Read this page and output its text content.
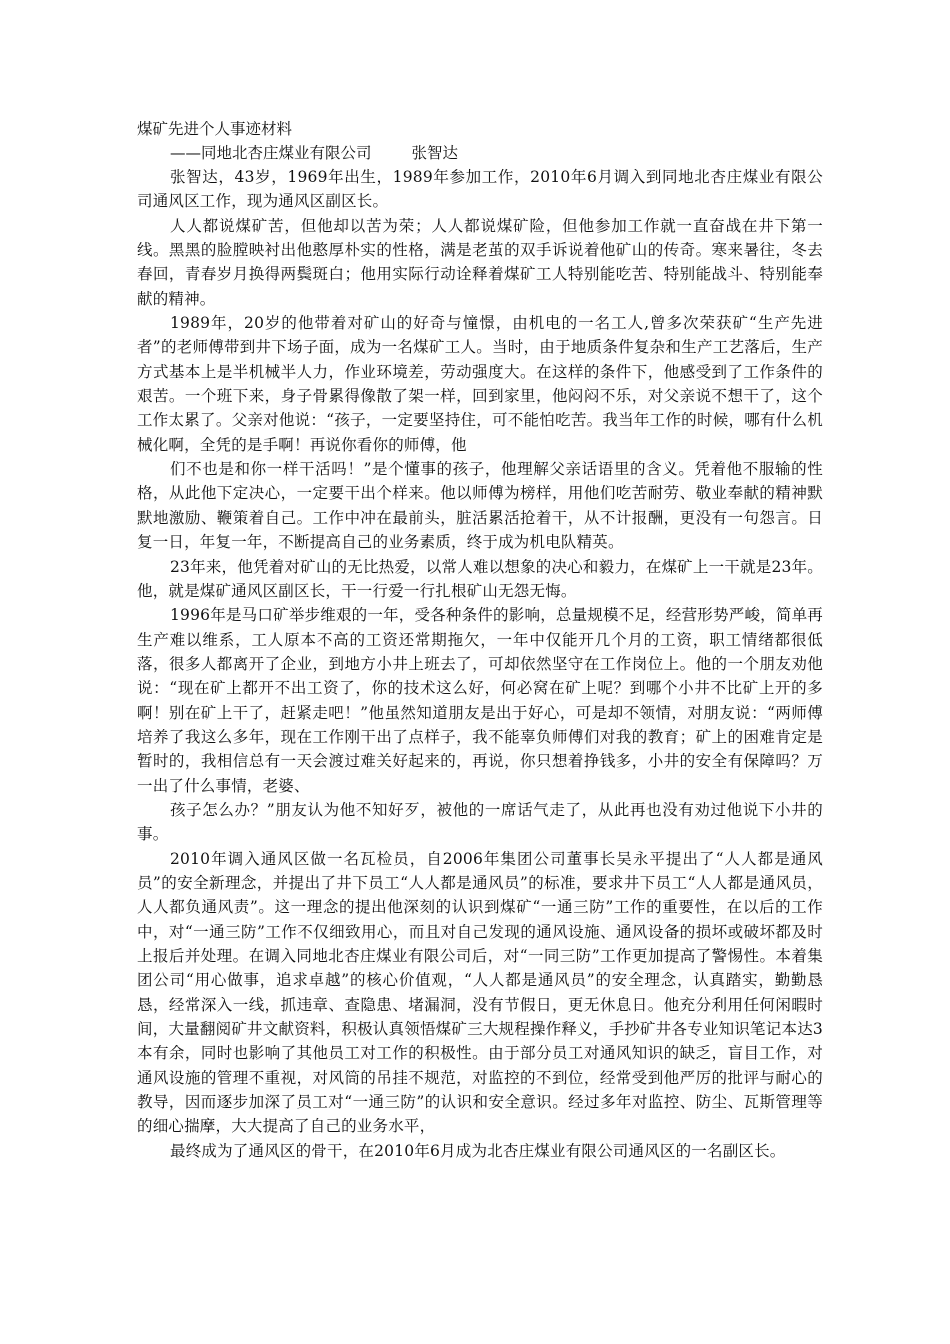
煤矿先进个人事迹材料

——同地北杏庄煤业有限公司	张智达

张智达，43岁，1969年出生，1989年参加工作，2010年6月调入到同地北杏庄煤业有限公司通风区工作，现为通风区副区长。

人人都说煤矿苦，但他却以苦为荣；人人都说煤矿险，但他参加工作就一直奋战在井下第一线。黑黑的脸膛映衬出他憨厚朴实的性格，满是老茧的双手诉说着他矿山的传奇。寒来暑往，冬去春回，青春岁月换得两鬓斑白；他用实际行动诠释着煤矿工人特别能吃苦、特别能战斗、特别能奉献的精神。

1989年，20岁的他带着对矿山的好奇与憧憬，由机电的一名工人,曾多次荣获矿“生产先进者”的老师傅带到井下场子面，成为一名煤矿工人。当时，由于地质条件复杂和生产工艺落后，生产方式基本上是半机械半人力，作业环境差，劳动强度大。在这样的条件下，他感受到了工作条件的艰苦。一个班下来，身子骨累得像散了架一样，回到家里，他闷闷不乐，对父亲说不想干了，这个工作太累了。父亲对他说：“孩子，一定要坚持住，可不能怕吃苦。我当年工作的时候，哪有什么机械化啊，全凭的是手啊！再说你看你的师傅，他

们不也是和你一样干活吗！”是个懂事的孩子，他理解父亲话语里的含义。凭着他不服输的性格，从此他下定决心，一定要干出个样来。他以师傅为榜样，用他们吃苦耐劳、敬业奉献的精神默默地激励、鞭策着自己。工作中冲在最前头，脏活累活抢着干，从不计报酬，更没有一句怨言。日复一日，年复一年，不断提高自己的业务素质，终于成为机电队精英。

23年来，他凭着对矿山的无比热爱，以常人难以想象的决心和毅力，在煤矿上一干就是23年。他，就是煤矿通风区副区长，干一行爱一行扎根矿山无怨无悔。

1996年是马口矿举步维艰的一年，受各种条件的影响，总量规模不足，经营形势严峻，简单再生产难以维系，工人原本不高的工资还常期拖欠，一年中仅能开几个月的工资，职工情绪都很低落，很多人都离开了企业，到地方小井上班去了，可却依然坚守在工作岗位上。他的一个朋友劝他说：“现在矿上都开不出工资了，你的技术这么好，何必窝在矿上呢？到哪个小井不比矿上开的多啊！别在矿上干了，赶紧走吧！”他虽然知道朋友是出于好心，可是却不领情，对朋友说：“两师傅培养了我这么多年，现在工作刚干出了点样子，我不能辜负师傅们对我的教育；矿上的困难肯定是暂时的，我相信总有一天会渡过难关好起来的，再说，你只想着挣钱多，小井的安全有保障吗？万一出了什么事情，老婆、

孩子怎么办？”朋友认为他不知好歹，被他的一席话气走了，从此再也没有劝过他说下小井的事。

2010年调入通风区做一名瓦检员，自2006年集团公司董事长吴永平提出了“人人都是通风员”的安全新理念，并提出了井下员工“人人都是通风员”的标准，要求井下员工“人人都是通风员，人人都负通风责”。这一理念的提出他深刻的认识到煤矿“一通三防”工作的重要性，在以后的工作中，对“一通三防”工作不仅细致用心，而且对自己发现的通风设施、通风设备的损坏或破坏都及时上报后并处理。在调入同地北杏庄煤业有限公司后，对“一同三防”工作更加提高了警惕性。本着集团公司“用心做事，追求卓越”的核心价值观，“人人都是通风员”的安全理念，认真踏实，勤勤恳恳，经常深入一线，抓违章、查隐患、堵漏洞，没有节假日，更无休息日。他充分利用任何闲暇时间，大量翻阅矿井文献资料，积极认真领悟煤矿三大规程操作释义，手抄矿井各专业知识笔记本达3本有余，同时也影响了其他员工对工作的积极性。由于部分员工对通风知识的缺乏，盲目工作，对通风设施的管理不重视，对风筒的吊挂不规范，对监控的不到位，经常受到他严厉的批评与耐心的教导，因而逐步加深了员工对“一通三防”的认识和安全意识。经过多年对监控、防尘、瓦斯管理等的细心揣摩，大大提高了自己的业务水平，

最终成为了通风区的骨干，在2010年6月成为北杏庄煤业有限公司通风区的一名副区长。
